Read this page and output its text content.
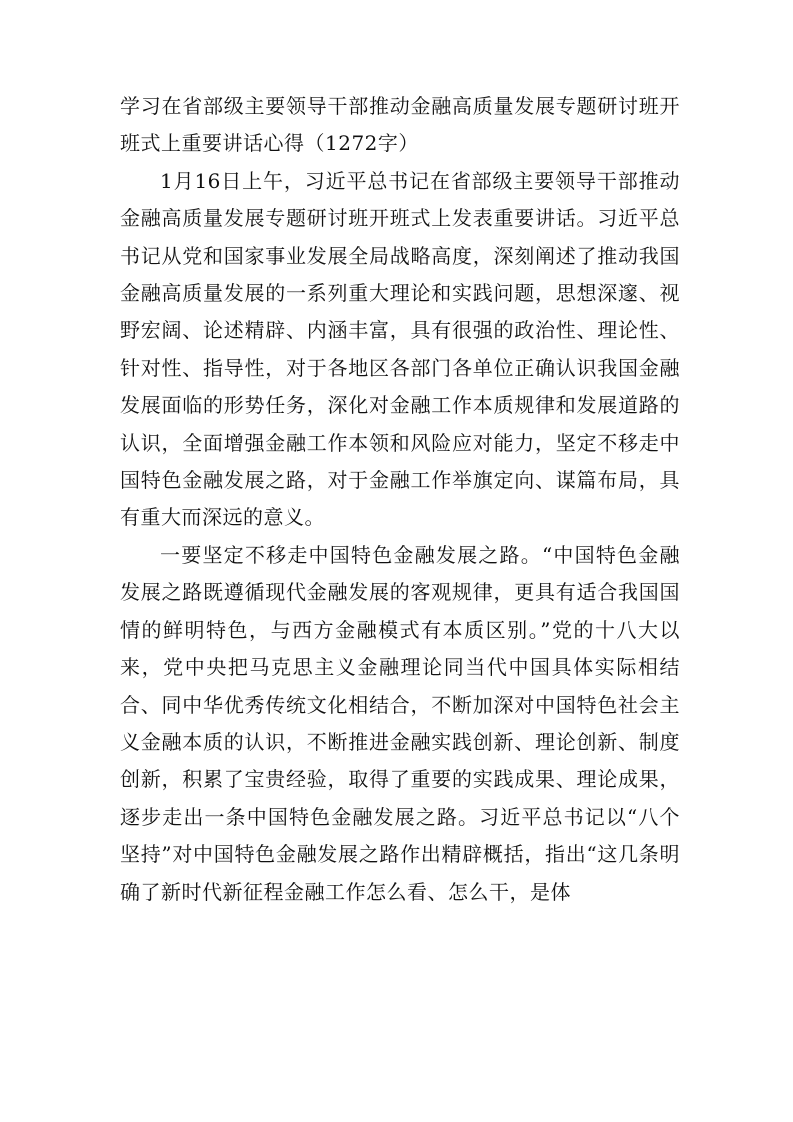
学习在省部级主要领导干部推动金融高质量发展专题研讨班开班式上重要讲话心得（1272字）

1月16日上午，习近平总书记在省部级主要领导干部推动金融高质量发展专题研讨班开班式上发表重要讲话。习近平总书记从党和国家事业发展全局战略高度，深刻阐述了推动我国金融高质量发展的一系列重大理论和实践问题，思想深邃、视野宏阔、论述精辟、内涵丰富，具有很强的政治性、理论性、针对性、指导性，对于各地区各部门各单位正确认识我国金融发展面临的形势任务，深化对金融工作本质规律和发展道路的认识，全面增强金融工作本领和风险应对能力，坚定不移走中国特色金融发展之路，对于金融工作举旗定向、谋篇布局，具有重大而深远的意义。

一要坚定不移走中国特色金融发展之路。“中国特色金融发展之路既遵循现代金融发展的客观规律，更具有适合我国国情的鲜明特色，与西方金融模式有本质区别。”党的十八大以来，党中央把马克思主义金融理论同当代中国具体实际相结合、同中华优秀传统文化相结合，不断加深对中国特色社会主义金融本质的认识，不断推进金融实践创新、理论创新、制度创新，积累了宝贵经验，取得了重要的实践成果、理论成果，逐步走出一条中国特色金融发展之路。习近平总书记以“八个坚持”对中国特色金融发展之路作出精辟概括，指出“这几条明确了新时代新征程金融工作怎么看、怎么干，是体
